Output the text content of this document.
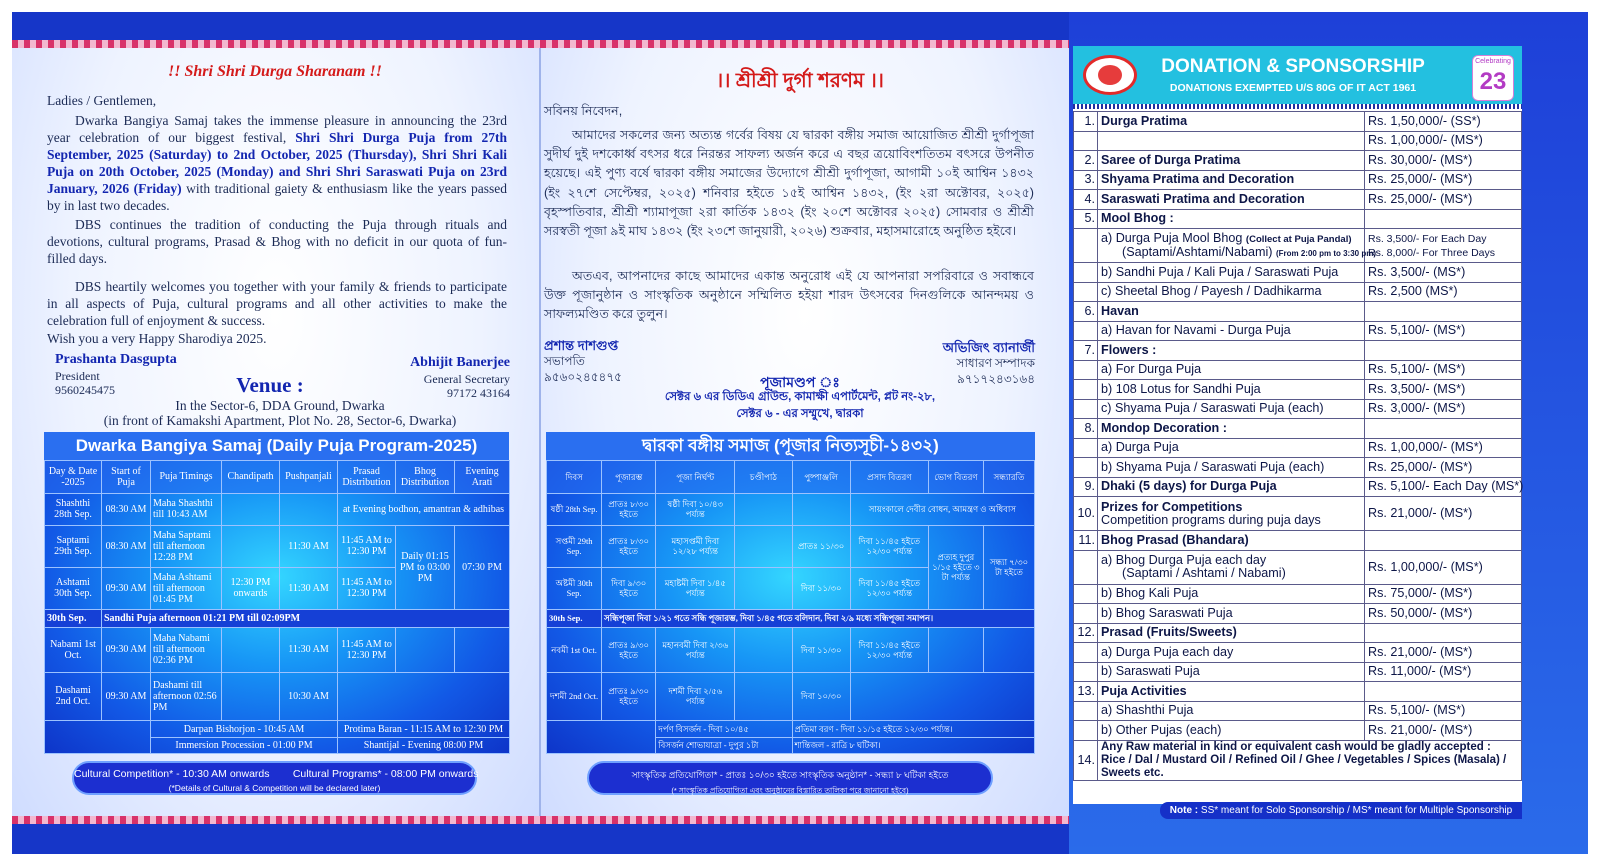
!! Shri Shri Durga Sharanam !!
Ladies / Gentlemen,
Dwarka Bangiya Samaj takes the immense pleasure in announcing the 23rd year celebration of our biggest festival, Shri Shri Durga Puja from 27th September, 2025 (Saturday) to 2nd October, 2025 (Thursday), Shri Shri Kali Puja on 20th October, 2025 (Monday) and Shri Shri Saraswati Puja on 23rd January, 2026 (Friday) with traditional gaiety & enthusiasm like the years passed by in last two decades.
DBS continues the tradition of conducting the Puja through rituals and devotions, cultural programs, Prasad & Bhog with no deficit in our quota of fun-filled days.
DBS heartily welcomes you together with your family & friends to participate in all aspects of Puja, cultural programs and all other activities to make the celebration full of enjoyment & success.
Wish you a very Happy Sharodiya 2025.
Prashanta Dasgupta
President
9560245475
Abhijit Banerjee
General Secretary
97172 43164
Venue :
In the Sector-6, DDA Ground, Dwarka
(in front of Kamakshi Apartment, Plot No. 28, Sector-6, Dwarka)
Dwarka Bangiya Samaj (Daily Puja Program-2025)
Day & Date -2025	Start of Puja	Puja Timings	Chandipath	Pushpanjali	Prasad Distribution	Bhog Distribution	Evening Arati
Shashthi 28th Sep.	08:30 AM	Maha Shashthi till 10:43 AM			at Evening bodhon, amantran & adhibas		
Saptami 29th Sep.	08:30 AM	Maha Saptami till afternoon 12:28 PM		11:30 AM	11:45 AM to 12:30 PM	Daily 01:15 PM to 03:00 PM	07:30 PM
Ashtami 30th Sep.	09:30 AM	Maha Ashtami till afternoon 01:45 PM	12:30 PM onwards	11:30 AM	11:45 AM to 12:30 PM		
30th Sep.	Sandhi Puja afternoon 01:21 PM till 02:09PM						
Nabami 1st Oct.	09:30 AM	Maha Nabami till afternoon 02:36 PM		11:30 AM	11:45 AM to 12:30 PM		
Dashami 2nd Oct.	09:30 AM	Dashami till afternoon 02:56 PM		10:30 AM			
		Darpan Bishorjon - 10:45 AM			Protima Baran - 11:15 AM to 12:30 PM		
		Immersion Procession - 01:00 PM			Shantijal - Evening 08:00 PM		
Cultural Competition* - 10:30 AM onwards        Cultural Programs* - 08:00 PM onwards
(*Details of Cultural & Competition will be declared later)
।। শ্রীশ্রী দুর্গা শরণম ।।
সবিনয় নিবেদন,
আমাদের সকলের জন্য অত্যন্ত গর্বের বিষয় যে দ্বারকা বঙ্গীয় সমাজ আয়োজিত শ্রীশ্রী দুর্গাপূজা সুদীর্ঘ দুই দশকোর্ধ্ব বৎসর ধরে নিরন্তর সাফল্য অর্জন করে এ বছর ত্রয়োবিংশতিতম বৎসরে উপনীত হয়েছে। এই পুণ্য বর্ষে দ্বারকা বঙ্গীয় সমাজের উদ্যোগে শ্রীশ্রী দুর্গাপূজা, আগামী ১০ই আশ্বিন ১৪৩২ (ইং ২৭শে সেপ্টেম্বর, ২০২৫) শনিবার হইতে ১৫ই আশ্বিন ১৪৩২, (ইং ২রা অক্টোবর, ২০২৫) বৃহস্পতিবার, শ্রীশ্রী শ্যামাপূজা ২রা কার্তিক ১৪৩২ (ইং ২০শে অক্টোবর ২০২৫) সোমবার ও শ্রীশ্রী সরস্বতী পূজা ৯ই মাঘ ১৪৩২ (ইং ২৩শে জানুয়ারী, ২০২৬) শুক্রবার, মহাসমারোহে অনুষ্ঠিত হইবে।
অতএব, আপনাদের কাছে আমাদের একান্ত অনুরোধ এই যে আপনারা সপরিবারে ও সবান্ধবে উক্ত পূজানুষ্ঠান ও সাংস্কৃতিক অনুষ্ঠানে সম্মিলিত হইয়া শারদ উৎসবের দিনগুলিকে আনন্দময় ও সাফল্যমণ্ডিত করে তুলুন।
প্রশান্ত দাশগুপ্ত
সভাপতি
৯৫৬০২৪৫৪৭৫
অভিজিৎ ব্যানার্জী
সাধারণ সম্পাদক
৯৭১৭২৪৩১৬৪
পূজামণ্ডপ ঃ
সেক্টর ৬ এর ডিডিএ গ্রাউন্ড, কামাক্ষী এপার্টমেন্ট, প্লট নং-২৮,
সেক্টর ৬ - এর সম্মুখে, দ্বারকা
দ্বারকা বঙ্গীয় সমাজ (পূজার নিত্যসূচী-১৪৩২)
দিবস	পূজারম্ভ	পূজা নির্ঘণ্ট	চণ্ডীপাঠ	পুষ্পাঞ্জলি	প্রসাদ বিতরণ	ভোগ বিতরণ	সন্ধ্যারতি
ষষ্ঠী 28th Sep.	প্রাতঃ ৮/৩০ হইতে	ষষ্ঠী দিবা ১০/৪৩ পর্য্যন্ত			সায়ংকালে দেবীর বোধন, আমন্ত্রণ ও অধিবাস		
সপ্তমী 29th Sep.	প্রাতঃ ৮/৩০ হইতে	মহাসপ্তমী দিবা ১২/২৮ পর্য্যন্ত		প্রাতঃ ১১/৩০	দিবা ১১/৪৫ হইতে ১২/৩০ পর্য্যন্ত	প্রত্যহ দুপুর ১/১৫ হইতে ৩ টা পর্য্যন্ত	সন্ধ্যা ৭/৩০ টা হইতে
অষ্টমী 30th Sep.	দিবা ৯/৩০ হইতে	মহাষ্টমী দিবা ১/৪৫ পর্য্যন্ত		দিবা ১১/৩০	দিবা ১১/৪৫ হইতে ১২/৩০ পর্য্যন্ত		
30th Sep.	সন্ধিপূজা দিবা ১/২১ গতে সন্ধি পূজারম্ভ, দিবা ১/৪৫ গতে বলিদান, দিবা ২/৯ মধ্যে সন্ধিপূজা সমাপন।						
নবমী 1st Oct.	প্রাতঃ ৯/৩০ হইতে	মহানবমী দিবা ২/৩৬ পর্য্যন্ত		দিবা ১১/৩০	দিবা ১১/৪৫ হইতে ১২/৩০ পর্য্যন্ত		
দশমী 2nd Oct.	প্রাতঃ ৯/৩০ হইতে	দশমী দিবা ২/৫৬ পর্য্যন্ত		দিবা ১০/৩০			
		দর্পণ বিসর্জন - দিবা ১০/৪৫		প্রতিমা বরণ - দিবা ১১/১৫ হইতে ১২/৩০ পর্য্যন্ত।			
		বিসর্জন শোভাযাত্রা - দুপুর ১টা		শান্তিজল - রাত্রি ৮ ঘটিকা।			
সাংস্কৃতিক প্রতিযোগিতা* - প্রাতঃ ১০/৩০ হইতে সাংস্কৃতিক অনুষ্ঠান* - সন্ধ্যা ৮ ঘটিকা হইতে
(* সাংস্কৃতিক প্রতিযোগিতা এবং অনুষ্ঠানের বিস্তারিত তালিকা পরে জানানো হইবে)
DONATION & SPONSORSHIP
DONATIONS EXEMPTED U/S 80G OF IT ACT 1961
Celebrating
23
1.	Durga Pratima	Rs. 1,50,000/- (SS*)
		Rs. 1,00,000/- (MS*)
2.	Saree of Durga Pratima	Rs. 30,000/- (MS*)
3.	Shyama Pratima and Decoration	Rs. 25,000/- (MS*)
4.	Saraswati Pratima and Decoration	Rs. 25,000/- (MS*)
5.	Mool Bhog :	
	a) Durga Puja Mool Bhog (Collect at Puja Pandal)
(Saptami/Ashtami/Nabami) (From 2:00 pm to 3:30 pm)	Rs. 3,500/- For Each Day
Rs. 8,000/- For Three Days
	b) Sandhi Puja / Kali Puja / Saraswati Puja	Rs. 3,500/- (MS*)
	c) Sheetal Bhog / Payesh / Dadhikarma	Rs. 2,500 (MS*)
6.	Havan	
	a) Havan for Navami - Durga Puja	Rs. 5,100/- (MS*)
7.	Flowers :	
	a) For Durga Puja	Rs. 5,100/- (MS*)
	b) 108 Lotus for Sandhi Puja	Rs. 3,500/- (MS*)
	c) Shyama Puja / Saraswati Puja (each)	Rs. 3,000/- (MS*)
8.	Mondop Decoration :	
	a) Durga Puja	Rs. 1,00,000/- (MS*)
	b) Shyama Puja / Saraswati Puja (each)	Rs. 25,000/- (MS*)
9.	Dhaki (5 days) for Durga Puja	Rs. 5,100/- Each Day (MS*)
10.	Prizes for Competitions
Competition programs during puja days	Rs. 21,000/- (MS*)
11.	Bhog Prasad (Bhandara)	
	a) Bhog Durga Puja each day
(Saptami / Ashtami / Nabami)	Rs. 1,00,000/- (MS*)
	b) Bhog Kali Puja	Rs. 75,000/- (MS*)
	b) Bhog Saraswati Puja	Rs. 50,000/- (MS*)
12.	Prasad (Fruits/Sweets)	
	a) Durga Puja each day	Rs. 21,000/- (MS*)
	b) Saraswati Puja	Rs. 11,000/- (MS*)
13.	Puja Activities	
	a) Shashthi Puja	Rs. 5,100/- (MS*)
	b) Other Pujas (each)	Rs. 21,000/- (MS*)
14.	Any Raw material in kind or equivalent cash would be gladly accepted : Rice / Dal / Mustard Oil / Refined Oil / Ghee / Vegetables / Spices (Masala) / Sweets etc.	
Note : SS* meant for Solo Sponsorship / MS* meant for Multiple Sponsorship
